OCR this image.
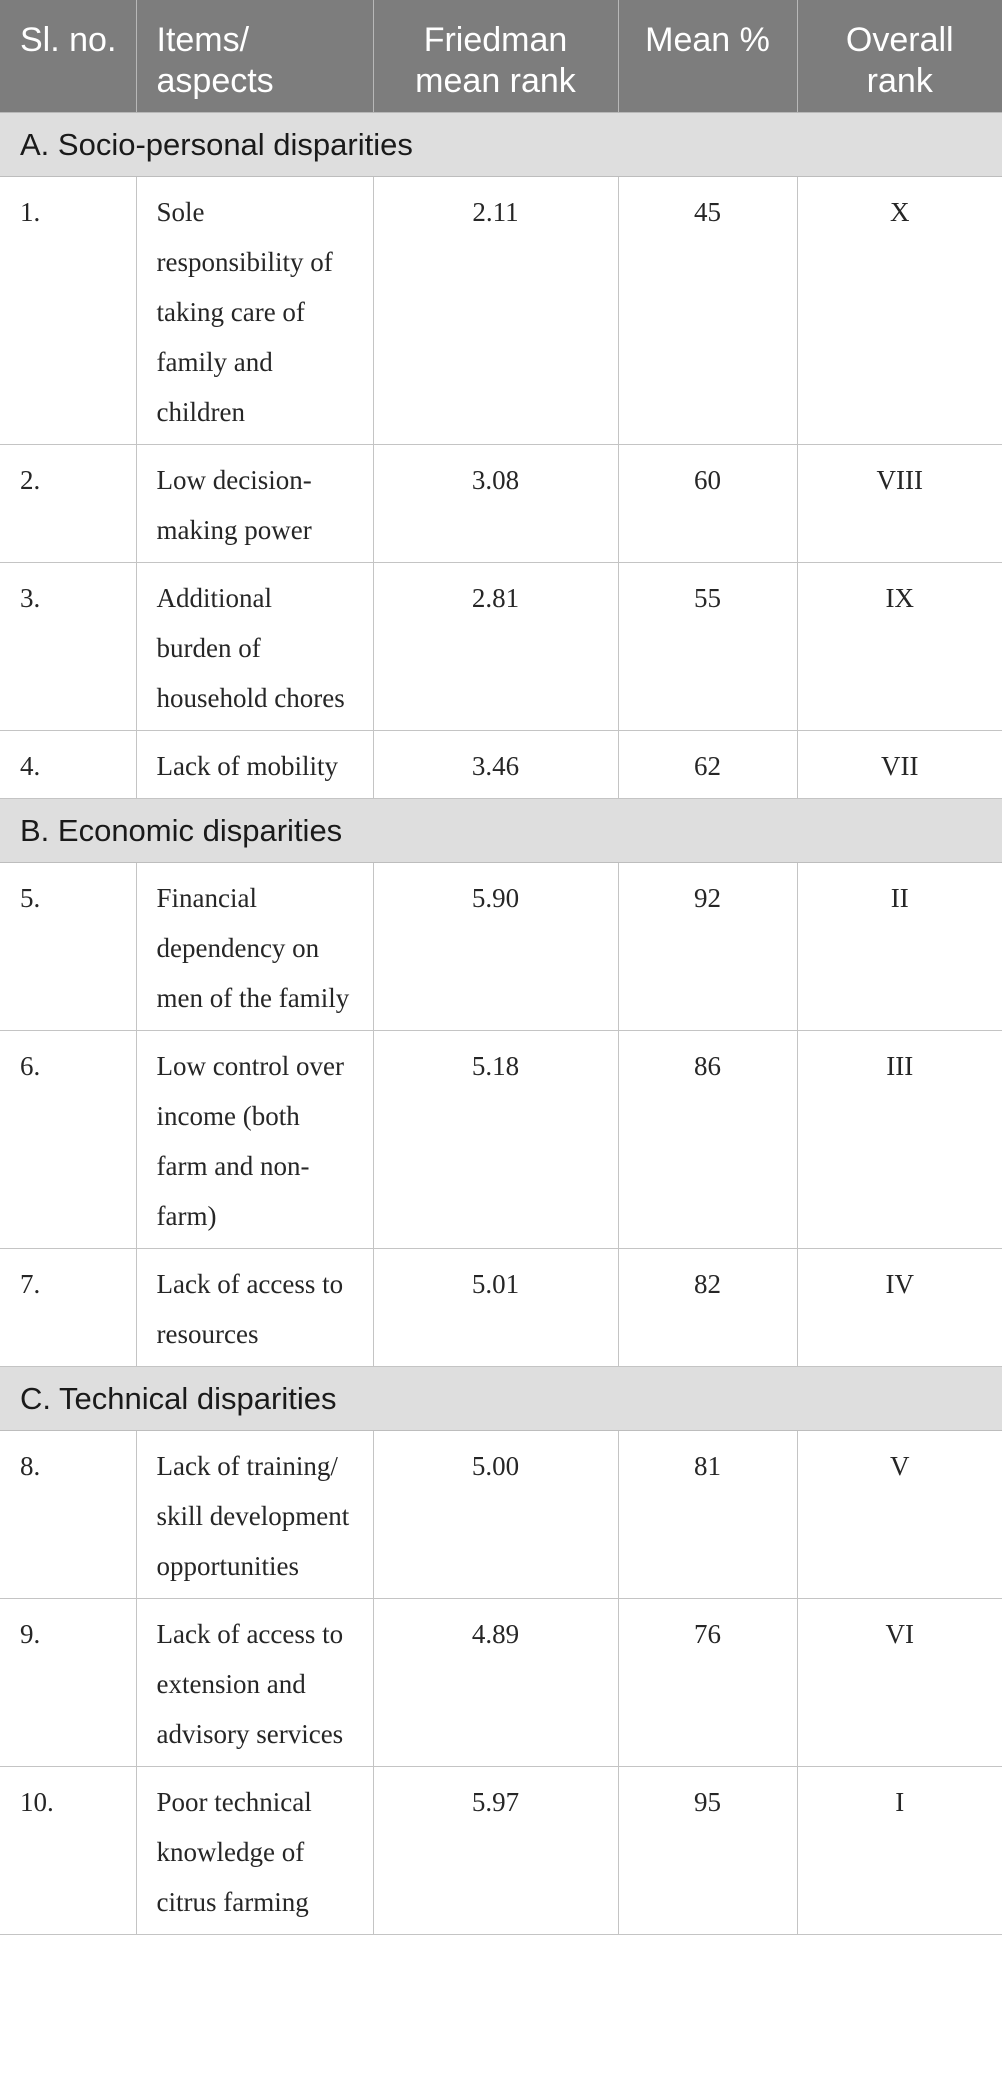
Sl. no.	Items/ aspects	Friedman mean rank	Mean %	Overall rank
A. Socio-personal disparities				
1.	Sole responsibility of taking care of family and children	2.11	45	X
2.	Low decision-making power	3.08	60	VIII
3.	Additional burden of household chores	2.81	55	IX
4.	Lack of mobility	3.46	62	VII
B. Economic disparities				
5.	Financial dependency on men of the family	5.90	92	II
6.	Low control over income (both farm and non-farm)	5.18	86	III
7.	Lack of access to resources	5.01	82	IV
C. Technical disparities				
8.	Lack of training/ skill development opportunities	5.00	81	V
9.	Lack of access to extension and advisory services	4.89	76	VI
10.	Poor technical knowledge of citrus farming	5.97	95	I
